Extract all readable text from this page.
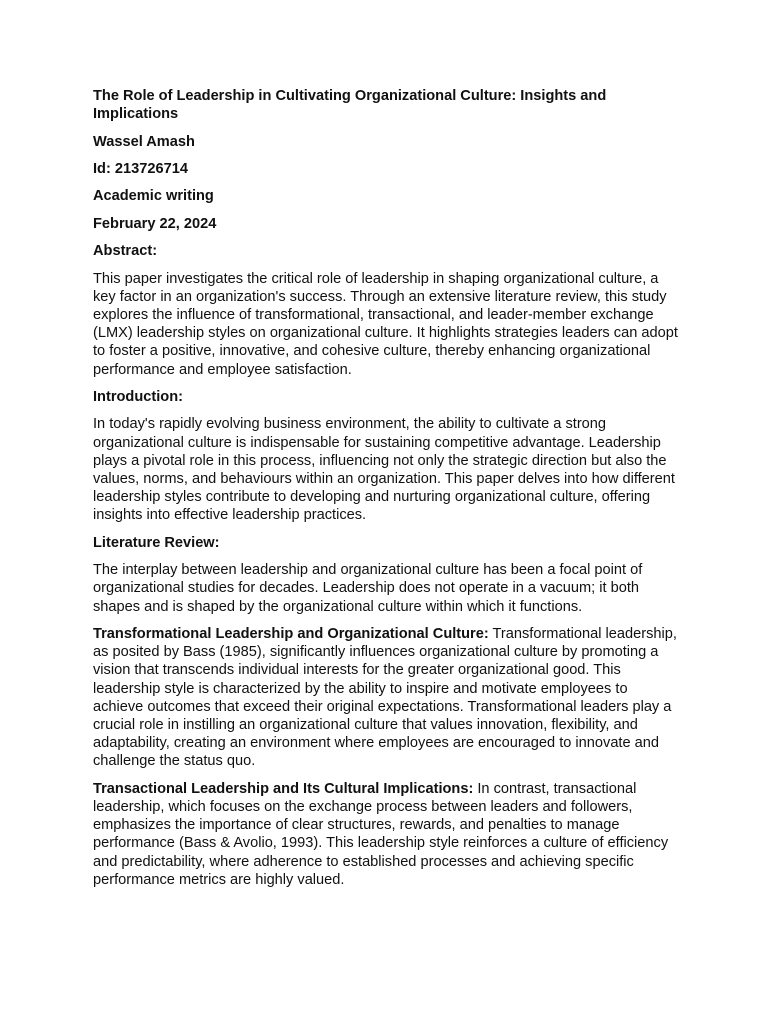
The Role of Leadership in Cultivating Organizational Culture: Insights and Implications

Wassel Amash

Id: 213726714

Academic writing

February 22, 2024

Abstract:

This paper investigates the critical role of leadership in shaping organizational culture, a key factor in an organization's success. Through an extensive literature review, this study explores the influence of transformational, transactional, and leader-member exchange (LMX) leadership styles on organizational culture. It highlights strategies leaders can adopt to foster a positive, innovative, and cohesive culture, thereby enhancing organizational performance and employee satisfaction.

Introduction:

In today's rapidly evolving business environment, the ability to cultivate a strong organizational culture is indispensable for sustaining competitive advantage. Leadership plays a pivotal role in this process, influencing not only the strategic direction but also the values, norms, and behaviours within an organization. This paper delves into how different leadership styles contribute to developing and nurturing organizational culture, offering insights into effective leadership practices.

Literature Review:

The interplay between leadership and organizational culture has been a focal point of organizational studies for decades. Leadership does not operate in a vacuum; it both shapes and is shaped by the organizational culture within which it functions.

Transformational Leadership and Organizational Culture: Transformational leadership, as posited by Bass (1985), significantly influences organizational culture by promoting a vision that transcends individual interests for the greater organizational good. This leadership style is characterized by the ability to inspire and motivate employees to achieve outcomes that exceed their original expectations. Transformational leaders play a crucial role in instilling an organizational culture that values innovation, flexibility, and adaptability, creating an environment where employees are encouraged to innovate and challenge the status quo.

Transactional Leadership and Its Cultural Implications: In contrast, transactional leadership, which focuses on the exchange process between leaders and followers, emphasizes the importance of clear structures, rewards, and penalties to manage performance (Bass & Avolio, 1993). This leadership style reinforces a culture of efficiency and predictability, where adherence to established processes and achieving specific performance metrics are highly valued.
